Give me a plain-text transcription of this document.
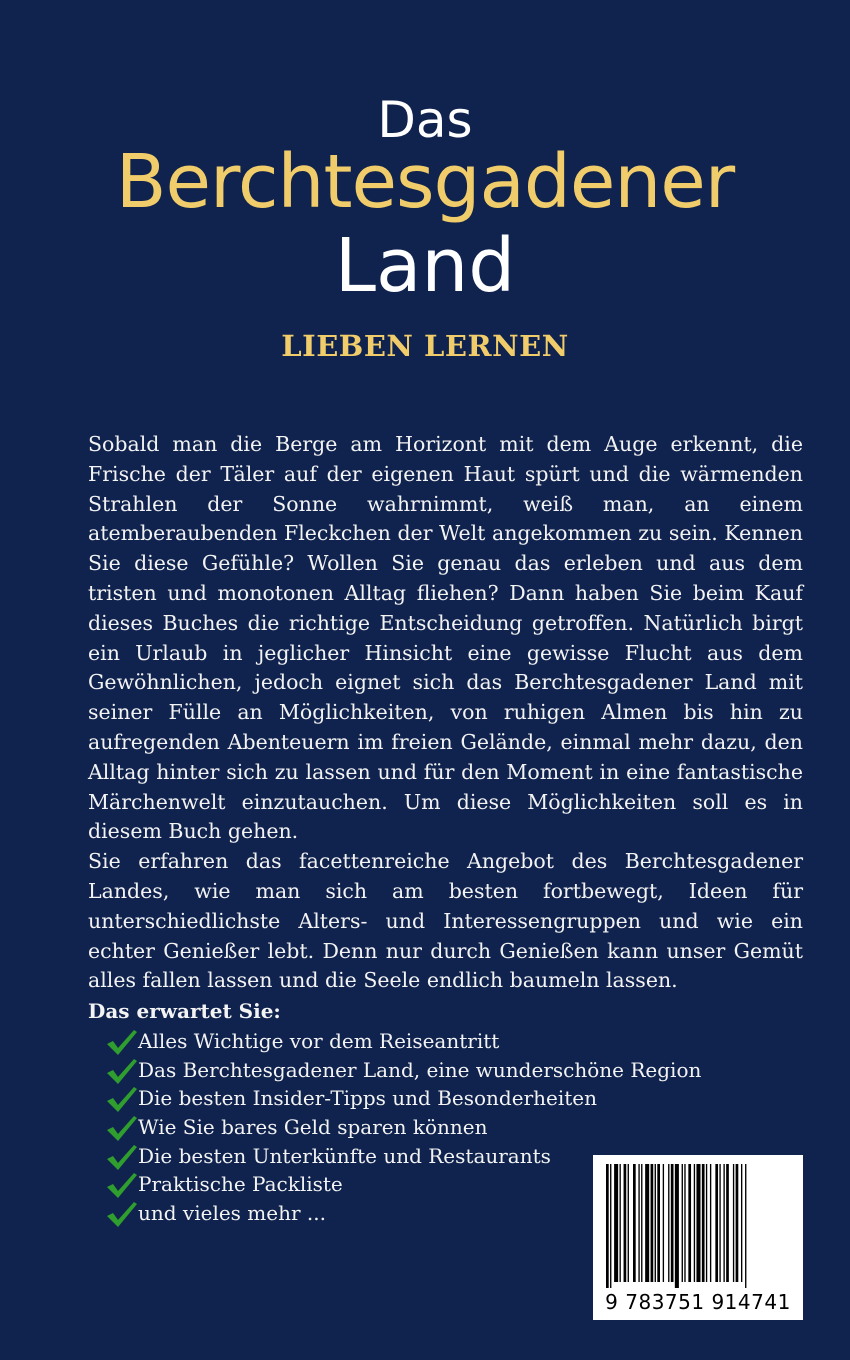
Das
Berchtesgadener
Land
LIEBEN LERNEN

Sobald man die Berge am Horizont mit dem Auge erkennt, die Frische der Täler auf der eigenen Haut spürt und die wärmenden Strahlen der Sonne wahrnimmt, weiß man, an einem atemberaubenden Fleckchen der Welt angekommen zu sein. Kennen Sie diese Gefühle? Wollen Sie genau das erleben und aus dem tristen und monotonen Alltag fliehen? Dann haben Sie beim Kauf dieses Buches die richtige Entscheidung getroffen. Natürlich birgt ein Urlaub in jeglicher Hinsicht eine gewisse Flucht aus dem Gewöhnlichen, jedoch eignet sich das Berchtesgadener Land mit seiner Fülle an Möglichkeiten, von ruhigen Almen bis hin zu aufregenden Abenteuern im freien Gelände, einmal mehr dazu, den Alltag hinter sich zu lassen und für den Moment in eine fantastische Märchenwelt einzutauchen. Um diese Möglichkeiten soll es in diesem Buch gehen.

Sie erfahren das facettenreiche Angebot des Berchtesgadener Landes, wie man sich am besten fortbewegt, Ideen für unterschiedlichste Alters- und Interessengruppen und wie ein echter Genießer lebt. Denn nur durch Genießen kann unser Gemüt alles fallen lassen und die Seele endlich baumeln lassen.

Das erwartet Sie:
Alles Wichtige vor dem Reiseantritt
Das Berchtesgadener Land, eine wunderschöne Region
Die besten Insider-Tipps und Besonderheiten
Wie Sie bares Geld sparen können
Die besten Unterkünfte und Restaurants
Praktische Packliste
und vieles mehr ...
9 783751 914741
